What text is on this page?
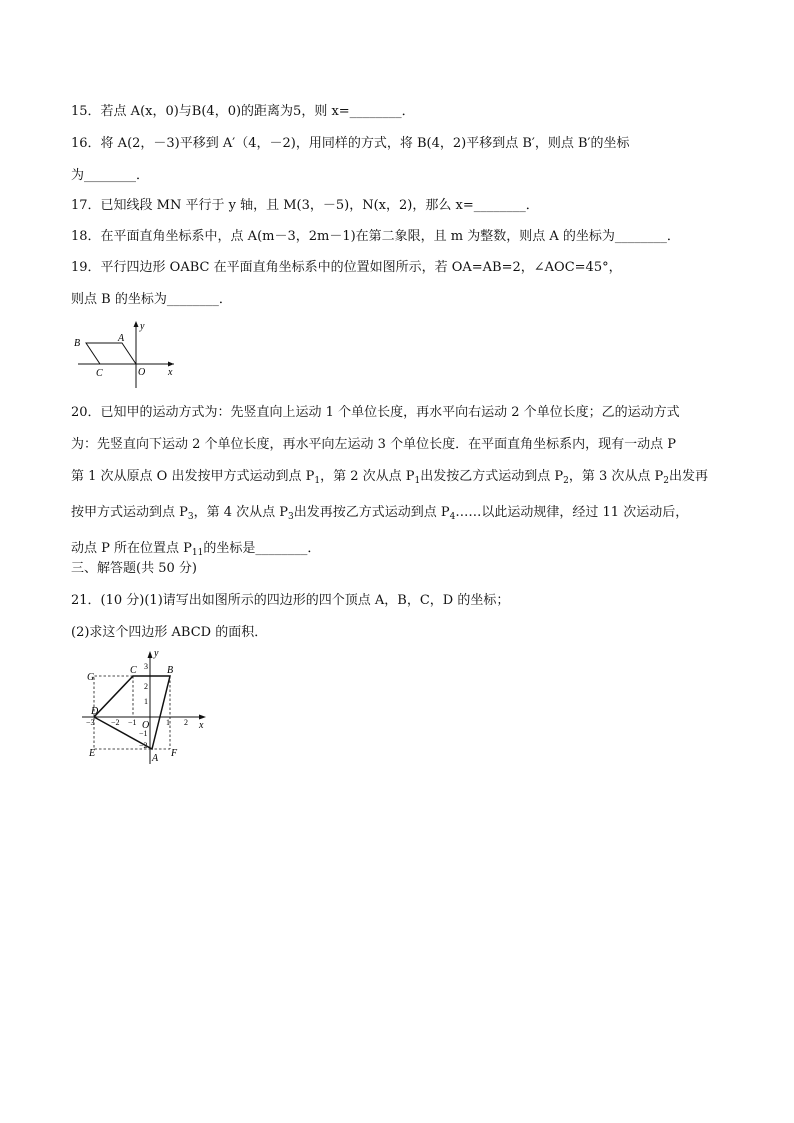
15．若点 A(x，0)与B(4，0)的距离为5，则 x=________．
16．将 A(2，－3)平移到 A′（4，－2)，用同样的方式，将 B(4，2)平移到点 B′，则点 B′的坐标
为________．
17．已知线段 MN 平行于 y 轴，且 M(3，－5)，N(x，2)，那么 x=________．
18．在平面直角坐标系中，点 A(m－3，2m－1)在第二象限，且 m 为整数，则点 A 的坐标为________．
19．平行四边形 OABC 在平面直角坐标系中的位置如图所示，若 OA=AB=2，∠AOC=45°，
则点 B 的坐标为________．
A
B
C	O x
y
20．已知甲的运动方式为：先竖直向上运动 1 个单位长度，再水平向右运动 2 个单位长度；乙的运动方式
为：先竖直向下运动 2 个单位长度，再水平向左运动 3 个单位长度．在平面直角坐标系内，现有一动点 P
第 1 次从原点 O 出发按甲方式运动到点 $P_1$，第 2 次从点 $P_1$出发按乙方式运动到点 $P_2$，第 3 次从点 $P_2$出发再
按甲方式运动到点 $P_3$，第 4 次从点 $P_3$出发再按乙方式运动到点 $P_4\dots\dots$以此运动规律，经过 11 次运动后，
动点 P 所在位置点 $P_{11}$的坐标是________．
三、解答题(共 50 分)
21．(10 分)(1)请写出如图所示的四边形的四个顶点 A，B，C，D 的坐标；
(2)求这个四边形 ABCD 的面积．
A
B
C
D
E	F
G
O	x
y
−3 −2 −1	1 2
3
2
1
−1
−2
